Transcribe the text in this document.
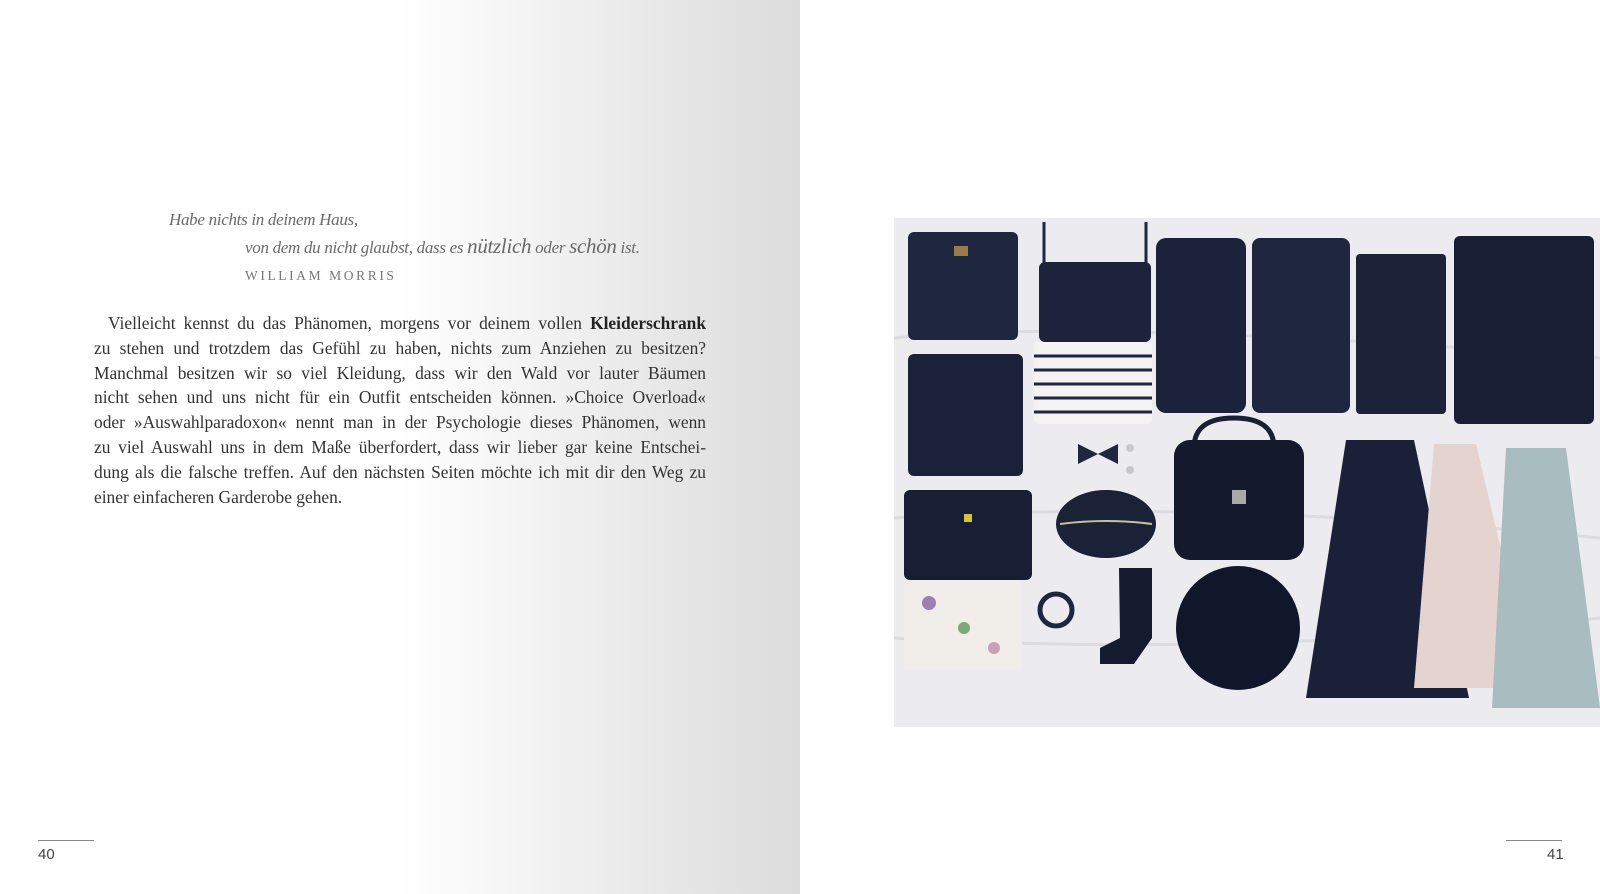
Habe nichts in deinem Haus,
von dem du nicht glaubst, dass es nützlich oder schön ist.
WILLIAM MORRIS
Vielleicht kennst du das Phänomen, morgens vor deinem vollen Kleiderschrank
zu stehen und trotzdem das Gefühl zu haben, nichts zum Anziehen zu besitzen?
Manchmal besitzen wir so viel Kleidung, dass wir den Wald vor lauter Bäumen
nicht sehen und uns nicht für ein Outfit entscheiden können. »Choice Overload«
oder »Auswahlparadoxon« nennt man in der Psychologie dieses Phänomen, wenn
zu viel Auswahl uns in dem Maße überfordert, dass wir lieber gar keine Entschei-
dung als die falsche treffen. Auf den nächsten Seiten möchte ich mit dir den Weg zu
einer einfacheren Garderobe gehen.
40	41
